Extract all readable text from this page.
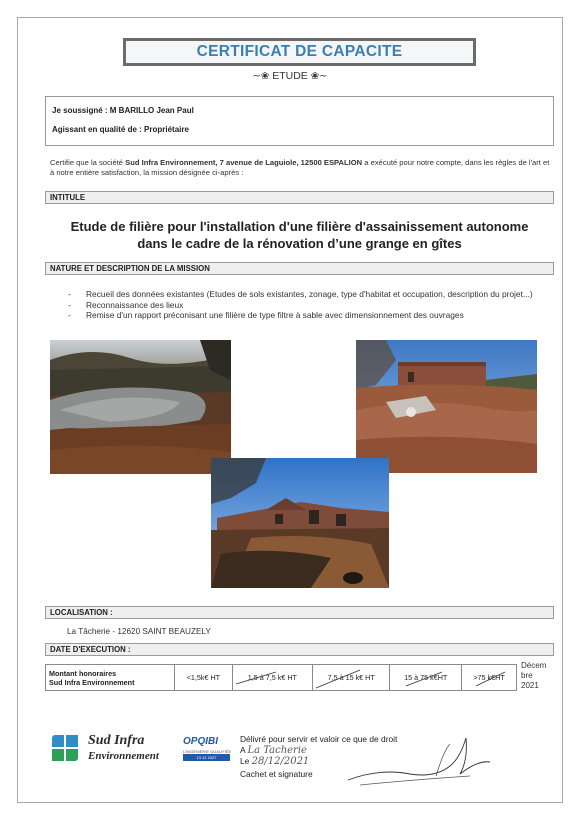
CERTIFICAT DE CAPACITE
~❀ ETUDE ❀~
Je soussigné : M BARILLO Jean Paul
Agissant en qualité de : Propriétaire
Certifie que la société Sud Infra Environnement, 7 avenue de Laguiole, 12500 ESPALION a exécuté pour notre compte, dans les règles de l'art et à notre entière satisfaction, la mission désignée ci-après :
INTITULE
Etude de filière pour l'installation d'une filière d'assainissement autonome
dans le cadre de la rénovation d’une grange en gîtes
NATURE ET DESCRIPTION DE LA MISSION
- Recueil des données existantes (Etudes de sols existantes, zonage, type d'habitat et occupation, description du projet...)
- Reconnaissance des lieux
- Remise d'un rapport préconisant une filière de type filtre à sable avec dimensionnement des ouvrages
LOCALISATION :
La Tâcherie - 12620 SAINT BEAUZELY
DATE D'EXECUTION :
Montant honoraires
Sud Infra Environnement	<1,5k€ HT	1,5 à 7,5 k€ HT	7,5 à 15 k€ HT	15 à 75 k€HT	>75 k€HT
Décem
bre
2021
Sud Infra
Environnement
OPQIBI
L'INGÉNIERIE QUALIFIÉE
13 12 2027
Délivré pour servir et valoir ce que de droit
A La Tacherie
Le 28/12/2021
Cachet et signature
